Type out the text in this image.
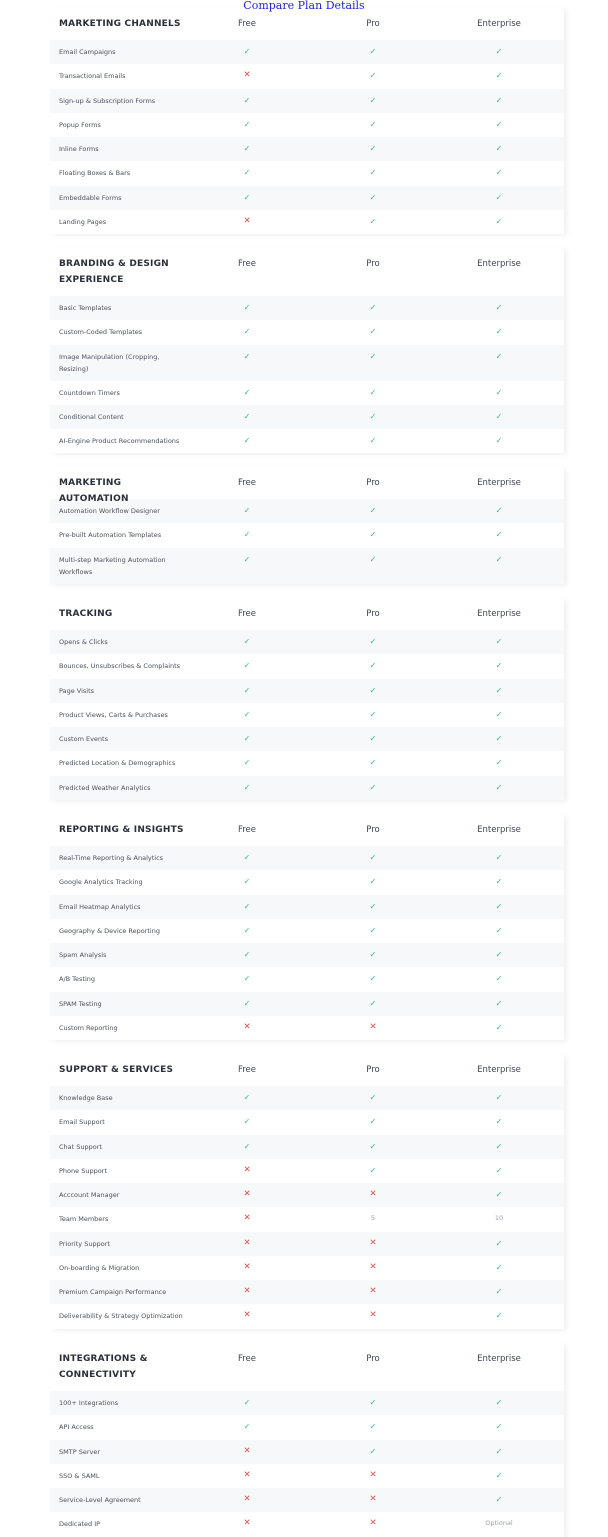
Compare Plan Details
MARKETING CHANNELS	Free	Pro	Enterprise
Email Campaigns	✓	✓	✓
Transactional Emails	✕	✓	✓
Sign-up & Subscription Forms	✓	✓	✓
Popup Forms	✓	✓	✓
Inline Forms	✓	✓	✓
Floating Boxes & Bars	✓	✓	✓
Embeddable Forms	✓	✓	✓
Landing Pages	✕	✓	✓
BRANDING & DESIGN EXPERIENCE
Free	Pro	Enterprise
Basic Templates	✓	✓	✓
Custom-Coded Templates	✓	✓	✓
Image Manipulation (Cropping, Resizing)
✓	✓	✓
Countdown Timers	✓	✓	✓
Conditional Content	✓	✓	✓
AI-Engine Product Recommendations	✓	✓	✓
MARKETING AUTOMATION
Free	Pro	Enterprise
Automation Workflow Designer	✓	✓	✓
Pre-built Automation Templates	✓	✓	✓
Multi-step Marketing Automation Workflows
✓	✓	✓
TRACKING	Free	Pro	Enterprise
Opens & Clicks	✓	✓	✓
Bounces, Unsubscribes & Complaints	✓	✓	✓
Page Visits	✓	✓	✓
Product Views, Carts & Purchases	✓	✓	✓
Custom Events	✓	✓	✓
Predicted Location & Demographics	✓	✓	✓
Predicted Weather Analytics	✓	✓	✓
REPORTING & INSIGHTS	Free	Pro	Enterprise
Real-Time Reporting & Analytics	✓	✓	✓
Google Analytics Tracking	✓	✓	✓
Email Heatmap Analytics	✓	✓	✓
Geography & Device Reporting	✓	✓	✓
Spam Analysis	✓	✓	✓
A/B Testing	✓	✓	✓
SPAM Testing	✓	✓	✓
Custom Reporting	✕	✕	✓
SUPPORT & SERVICES	Free	Pro	Enterprise
Knowledge Base	✓	✓	✓
Email Support	✓	✓	✓
Chat Support	✓	✓	✓
Phone Support	✕	✓	✓
Acccount Manager	✕	✕	✓
Team Members	✕	5	10
Priority Support	✕	✕	✓
On-boarding & Migration	✕	✕	✓
Premium Campaign Performance	✕	✕	✓
Deliverability & Strategy Optimization	✕	✕	✓
INTEGRATIONS & CONNECTIVITY
Free	Pro	Enterprise
100+ Integrations	✓	✓	✓
API Access	✓	✓	✓
SMTP Server	✕	✓	✓
SSO & SAML	✕	✕	✓
Service-Level Agreement	✕	✕	✓
Dedicated IP	✕	✕	Optional
